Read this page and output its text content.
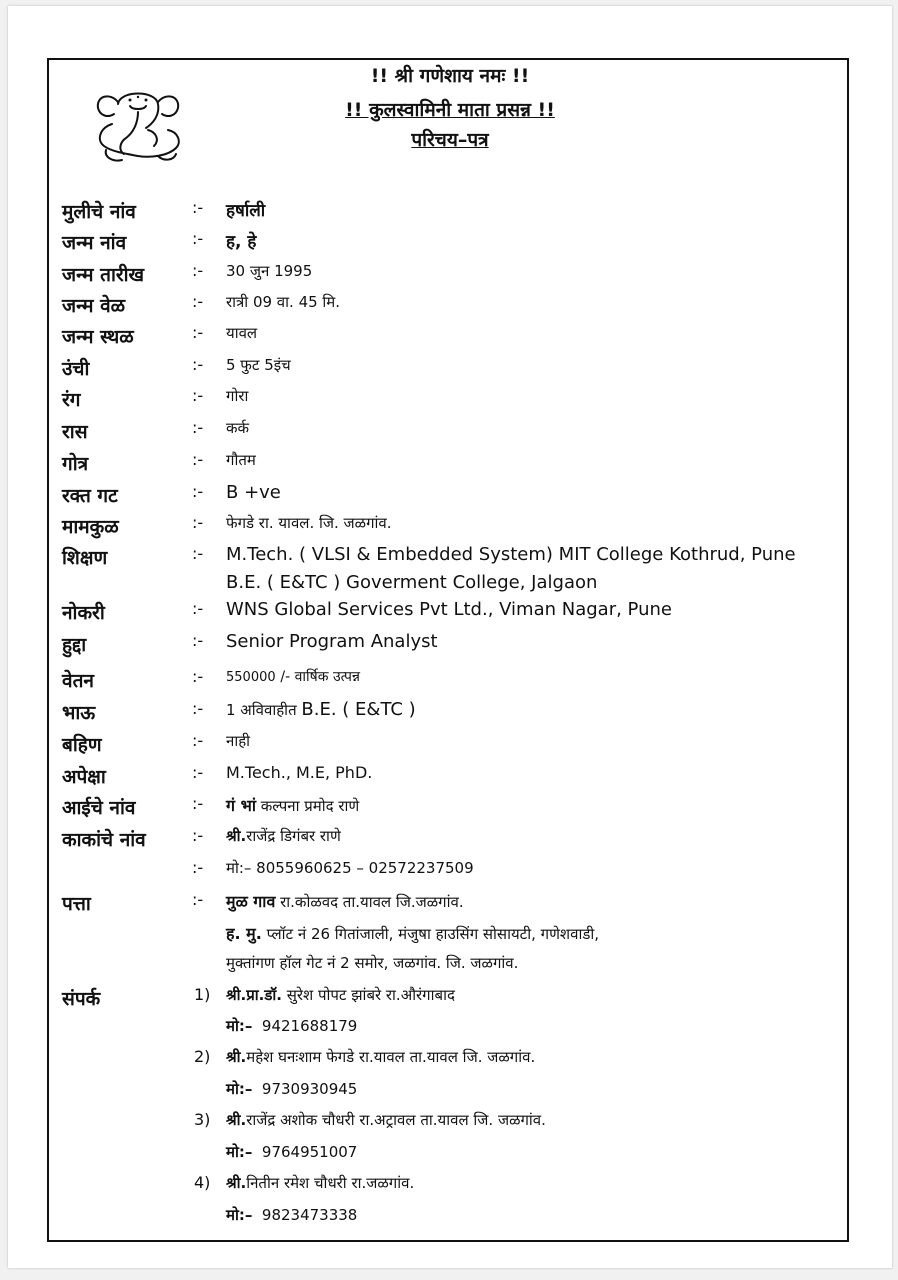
!! श्री गणेशाय नमः !!
!! कुलस्वामिनी माता प्रसन्न !!
परिचय–पत्र
मुलीचे नांव	:- हर्षाली
जन्म नांव	:- ह, हे
जन्म तारीख	:- 30 जुन 1995
जन्म वेळ	:- रात्री 09 वा. 45 मि.
जन्म स्थळ	:- यावल
उंची	:- 5 फुट 5इंच
रंग	:- गोरा
रास	:- कर्क
गोत्र	:- गौतम
रक्त गट	:- B +ve
मामकुळ	:- फेगडे रा. यावल. जि. जळगांव.
शिक्षण	:- M.Tech. ( VLSI & Embedded System) MIT College Kothrud, Pune
B.E. ( E&TC ) Goverment College, Jalgaon
नोकरी	:- WNS Global Services Pvt Ltd., Viman Nagar, Pune
हुद्दा	:- Senior Program Analyst
वेतन	:- 550000 /- वार्षिक उत्पन्न
भाऊ	:- 1 अविवाहीत B.E. ( E&TC )
बहिण	:- नाही
अपेक्षा	:- M.Tech., M.E, PhD.
आईचे नांव	:- गं भां कल्पना प्रमोद राणे
काकांचे नांव	:- श्री.राजेंद्र डिगंबर राणे
:- मो:– 8055960625 – 02572237509
पत्ता	:- मुळ गाव रा.कोळवद ता.यावल जि.जळगांव.
ह. मु. प्लॉट नं 26 गितांजाली, मंजुषा हाउसिंग सोसायटी, गणेशवाडी,
मुक्तांगण हॉल गेट नं 2 समोर, जळगांव. जि. जळगांव.
संपर्क	1) श्री.प्रा.डॉ. सुरेश पोपट झांबरे रा.औरंगाबाद
मो:– 9421688179
2) श्री.महेश घनःशाम फेगडे रा.यावल ता.यावल जि. जळगांव.
मो:– 9730930945
3) श्री.राजेंद्र अशोक चौधरी रा.अट्रावल ता.यावल जि. जळगांव.
मो:– 9764951007
4) श्री.नितीन रमेश चौधरी रा.जळगांव.
मो:– 9823473338
